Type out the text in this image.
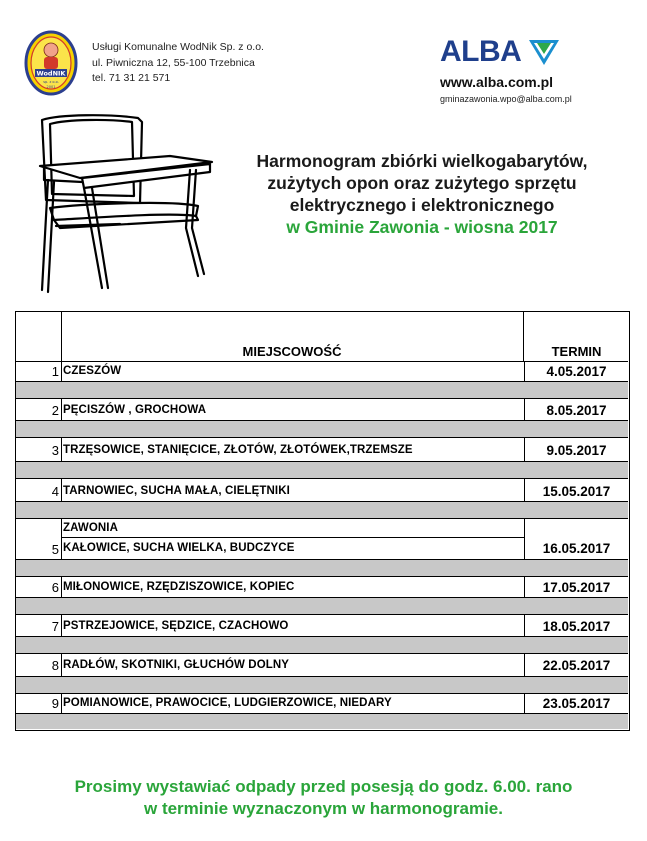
WodNIK
sp. z o.o.
2001
Usługi Komunalne WodNik Sp. z o.o.
ul. Piwniczna 12, 55-100 Trzebnica
tel. 71 31 21 571
ALBA
www.alba.com.pl
gminazawonia.wpo@alba.com.pl
Harmonogram zbiórki wielkogabarytów,
zużytych opon oraz zużytego sprzętu
elektrycznego i elektronicznego
w Gminie Zawonia - wiosna 2017
MIEJSCOWOŚĆ	TERMIN
1 CZESZÓW	4.05.2017
2 PĘCISZÓW , GROCHOWA	8.05.2017
3 TRZĘSOWICE, STANIĘCICE, ZŁOTÓW, ZŁOTÓWEK,TRZEMSZE	9.05.2017
4 TARNOWIEC, SUCHA MAŁA, CIELĘTNIKI	15.05.2017
ZAWONIA
5 KAŁOWICE, SUCHA WIELKA, BUDCZYCE	16.05.2017
6 MIŁONOWICE, RZĘDZISZOWICE, KOPIEC	17.05.2017
7 PSTRZEJOWICE, SĘDZICE, CZACHOWO	18.05.2017
8 RADŁÓW, SKOTNIKI, GŁUCHÓW DOLNY	22.05.2017
9 POMIANOWICE, PRAWOCICE, LUDGIERZOWICE, NIEDARY	23.05.2017
Prosimy wystawiać odpady przed posesją do godz. 6.00. rano
w terminie wyznaczonym w harmonogramie.
